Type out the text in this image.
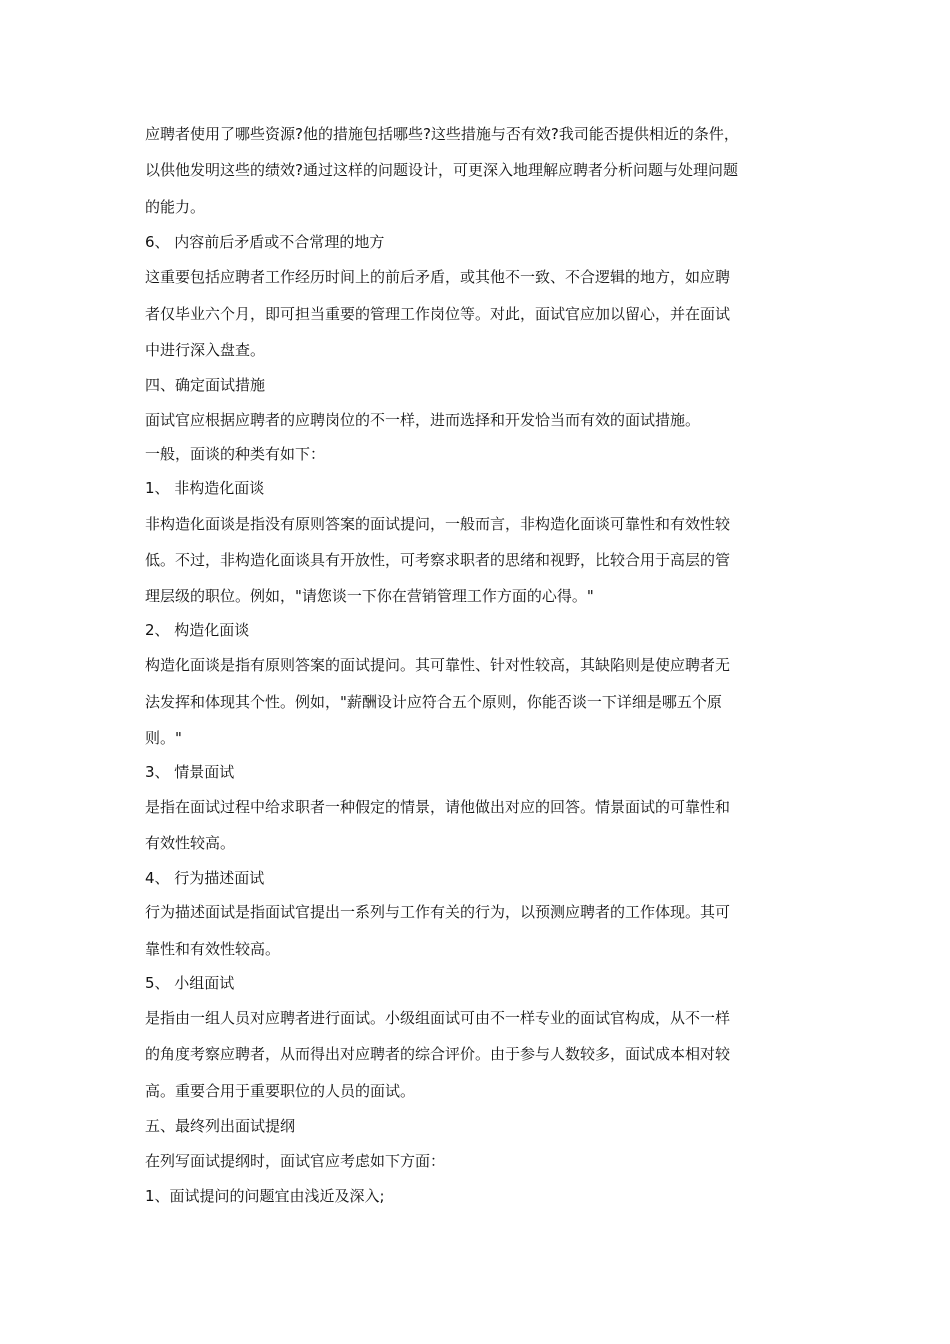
应聘者使用了哪些资源?他的措施包括哪些?这些措施与否有效?我司能否提供相近的条件，
以供他发明这些的绩效?通过这样的问题设计，可更深入地理解应聘者分析问题与处理问题
的能力。
6、 内容前后矛盾或不合常理的地方
这重要包括应聘者工作经历时间上的前后矛盾，或其他不一致、不合逻辑的地方，如应聘
者仅毕业六个月，即可担当重要的管理工作岗位等。对此，面试官应加以留心，并在面试
中进行深入盘查。
四、确定面试措施
面试官应根据应聘者的应聘岗位的不一样，进而选择和开发恰当而有效的面试措施。
一般，面谈的种类有如下：
1、 非构造化面谈
非构造化面谈是指没有原则答案的面试提问，一般而言，非构造化面谈可靠性和有效性较
低。不过，非构造化面谈具有开放性，可考察求职者的思绪和视野，比较合用于高层的管
理层级的职位。例如，"请您谈一下你在营销管理工作方面的心得。"
2、 构造化面谈
构造化面谈是指有原则答案的面试提问。其可靠性、针对性较高，其缺陷则是使应聘者无
法发挥和体现其个性。例如，"薪酬设计应符合五个原则，你能否谈一下详细是哪五个原
则。"
3、 情景面试
是指在面试过程中给求职者一种假定的情景，请他做出对应的回答。情景面试的可靠性和
有效性较高。
4、 行为描述面试
行为描述面试是指面试官提出一系列与工作有关的行为，以预测应聘者的工作体现。其可
靠性和有效性较高。
5、 小组面试
是指由一组人员对应聘者进行面试。小级组面试可由不一样专业的面试官构成，从不一样
的角度考察应聘者，从而得出对应聘者的综合评价。由于参与人数较多，面试成本相对较
高。重要合用于重要职位的人员的面试。
五、最终列出面试提纲
在列写面试提纲时，面试官应考虑如下方面：
1、面试提问的问题宜由浅近及深入;
